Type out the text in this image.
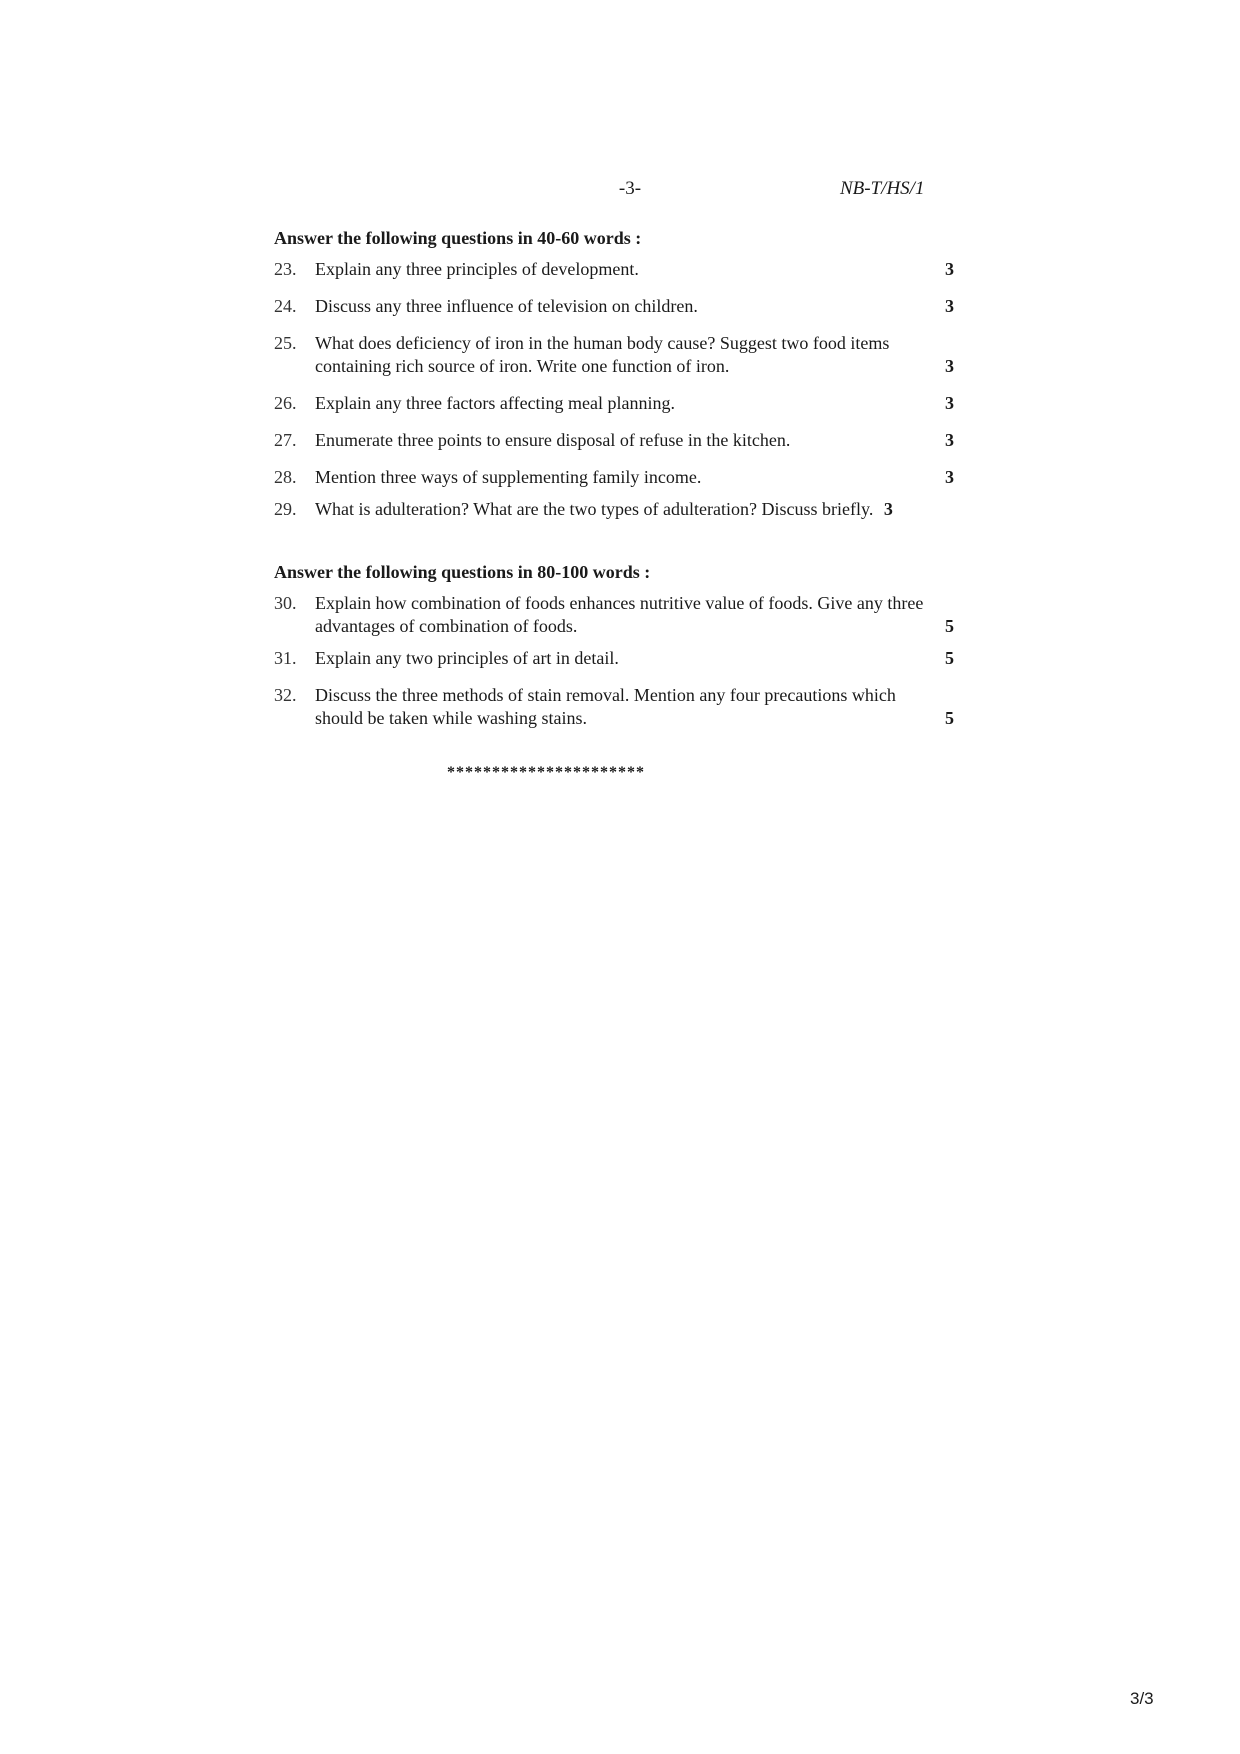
-3-	NB-T/HS/1
Answer the following questions in 40-60 words :
23.	Explain any three principles of development.	3
24.	Discuss any three influence of television on children.	3
25.	What does deficiency of iron in the human body cause? Suggest two food items containing rich source of iron. Write one function of iron.	3
26.	Explain any three factors affecting meal planning.	3
27.	Enumerate three points to ensure disposal of refuse in the kitchen.	3
28.	Mention three ways of supplementing family income.	3
29.	What is adulteration? What are the two types of adulteration? Discuss briefly. 3
Answer the following questions in 80-100 words :
30.	Explain how combination of foods enhances nutritive value of foods. Give any three advantages of combination of foods.	5
31.	Explain any two principles of art in detail.	5
32.	Discuss the three methods of stain removal. Mention any four precautions which should be taken while washing stains.	5
**********************
3/3
